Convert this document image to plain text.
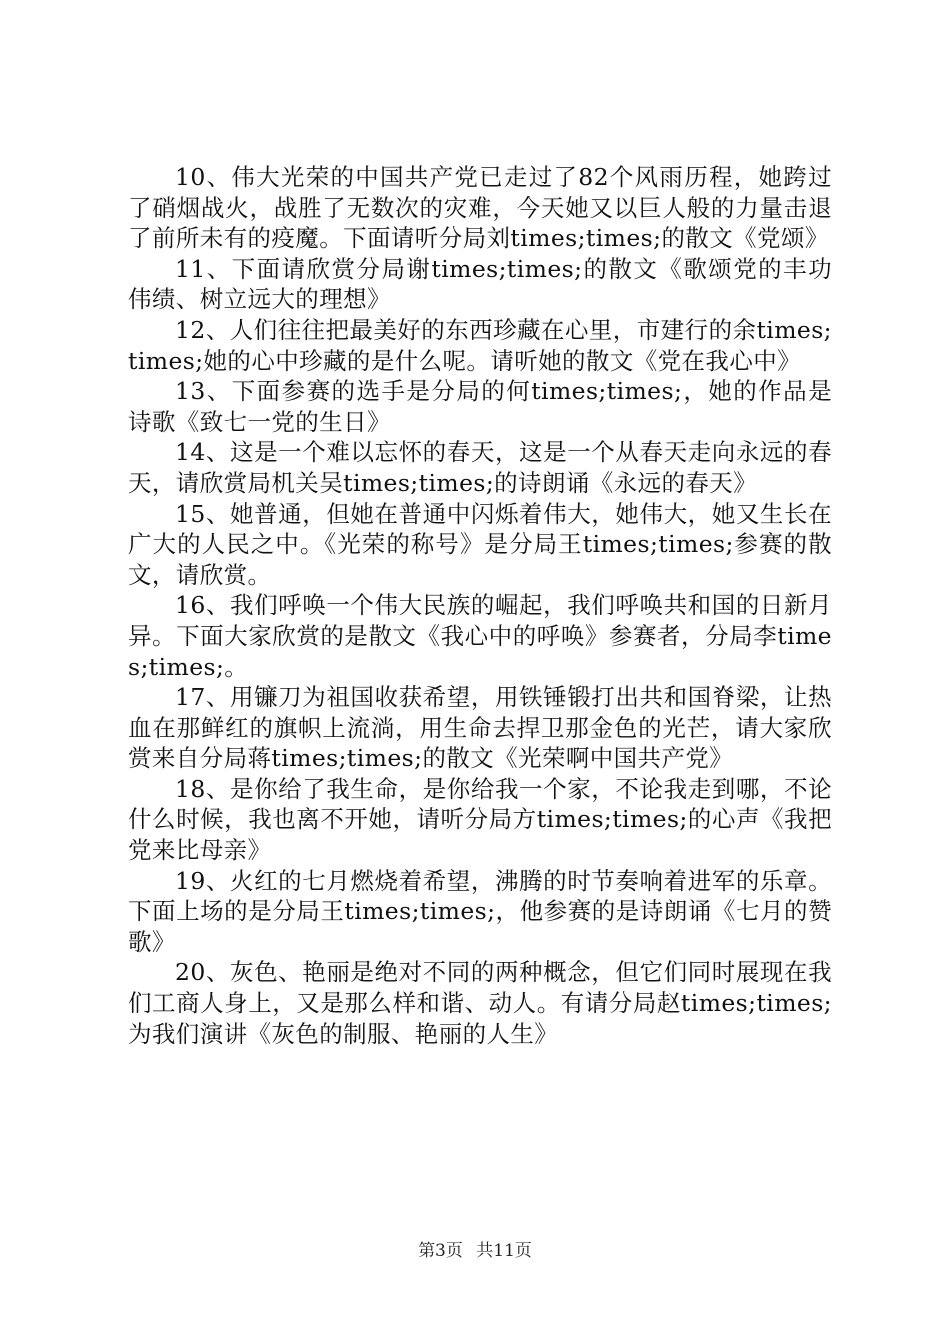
10、伟大光荣的中国共产党已走过了82个风雨历程，她跨过了硝烟战火，战胜了无数次的灾难，今天她又以巨人般的力量击退了前所未有的疫魔。下面请听分局刘times;times;的散文《党颂》

11、下面请欣赏分局谢times;times;的散文《歌颂党的丰功伟绩、树立远大的理想》

12、人们往往把最美好的东西珍藏在心里，市建行的余times;times;她的心中珍藏的是什么呢。请听她的散文《党在我心中》

13、下面参赛的选手是分局的何times;times;，她的作品是诗歌《致七一党的生日》

14、这是一个难以忘怀的春天，这是一个从春天走向永远的春天，请欣赏局机关吴times;times;的诗朗诵《永远的春天》

15、她普通，但她在普通中闪烁着伟大，她伟大，她又生长在广大的人民之中。《光荣的称号》是分局王times;times;参赛的散文，请欣赏。

16、我们呼唤一个伟大民族的崛起，我们呼唤共和国的日新月异。下面大家欣赏的是散文《我心中的呼唤》参赛者，分局李times;times;。

17、用镰刀为祖国收获希望，用铁锤锻打出共和国脊梁，让热血在那鲜红的旗帜上流淌，用生命去捍卫那金色的光芒，请大家欣赏来自分局蒋times;times;的散文《光荣啊中国共产党》

18、是你给了我生命，是你给我一个家，不论我走到哪，不论什么时候，我也离不开她，请听分局方times;times;的心声《我把党来比母亲》

19、火红的七月燃烧着希望，沸腾的时节奏响着进军的乐章。下面上场的是分局王times;times;，他参赛的是诗朗诵《七月的赞歌》

20、灰色、艳丽是绝对不同的两种概念，但它们同时展现在我们工商人身上，又是那么样和谐、动人。有请分局赵times;times;为我们演讲《灰色的制服、艳丽的人生》

第3页 共11页
